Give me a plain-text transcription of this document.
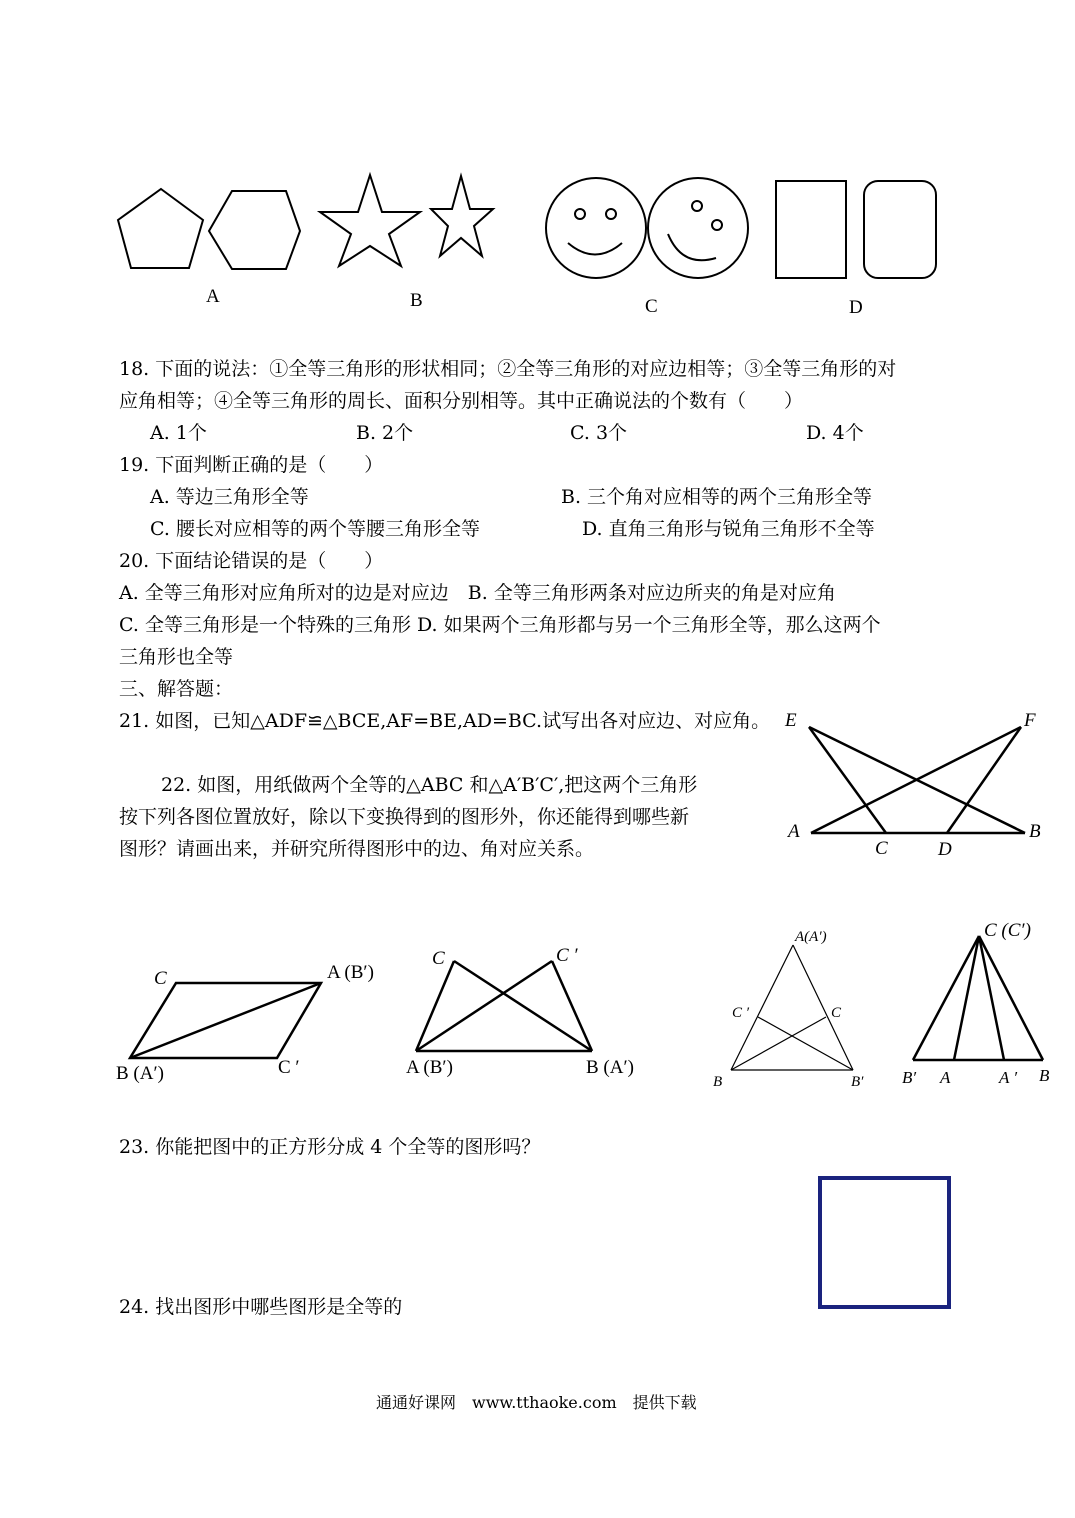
A	B	C	D
18. 下面的说法：①全等三角形的形状相同；②全等三角形的对应边相等；③全等三角形的对
应角相等；④全等三角形的周长、面积分别相等。其中正确说法的个数有（　　）
A. 1个	B. 2个	C. 3个	D. 4个
19. 下面判断正确的是（　　）
A. 等边三角形全等	B. 三个角对应相等的两个三角形全等
C. 腰长对应相等的两个等腰三角形全等	D. 直角三角形与锐角三角形不全等
20. 下面结论错误的是（　　）
A. 全等三角形对应角所对的边是对应边　B. 全等三角形两条对应边所夹的角是对应角
C. 全等三角形是一个特殊的三角形 D. 如果两个三角形都与另一个三角形全等，那么这两个
三角形也全等
三、解答题：
21. 如图，已知△ADF≌△BCE,AF=BE,AD=BC.试写出各对应边、对应角。 E	F
A	B
C	D
22. 如图，用纸做两个全等的△ABC 和△A′B′C′,把这两个三角形
按下列各图位置放好，除以下变换得到的图形外，你还能得到哪些新
图形？请画出来，并研究所得图形中的边、角对应关系。
C	A (B′)
B (A′)	C ′
C	C ′
A (B′)	B (A′)
A(A′)
C ′	C
B	B′
C (C′)
B′ A	A ′ B
23. 你能把图中的正方形分成 4 个全等的图形吗？
24. 找出图形中哪些图形是全等的
通通好课网　www.tthaoke.com　提供下载
